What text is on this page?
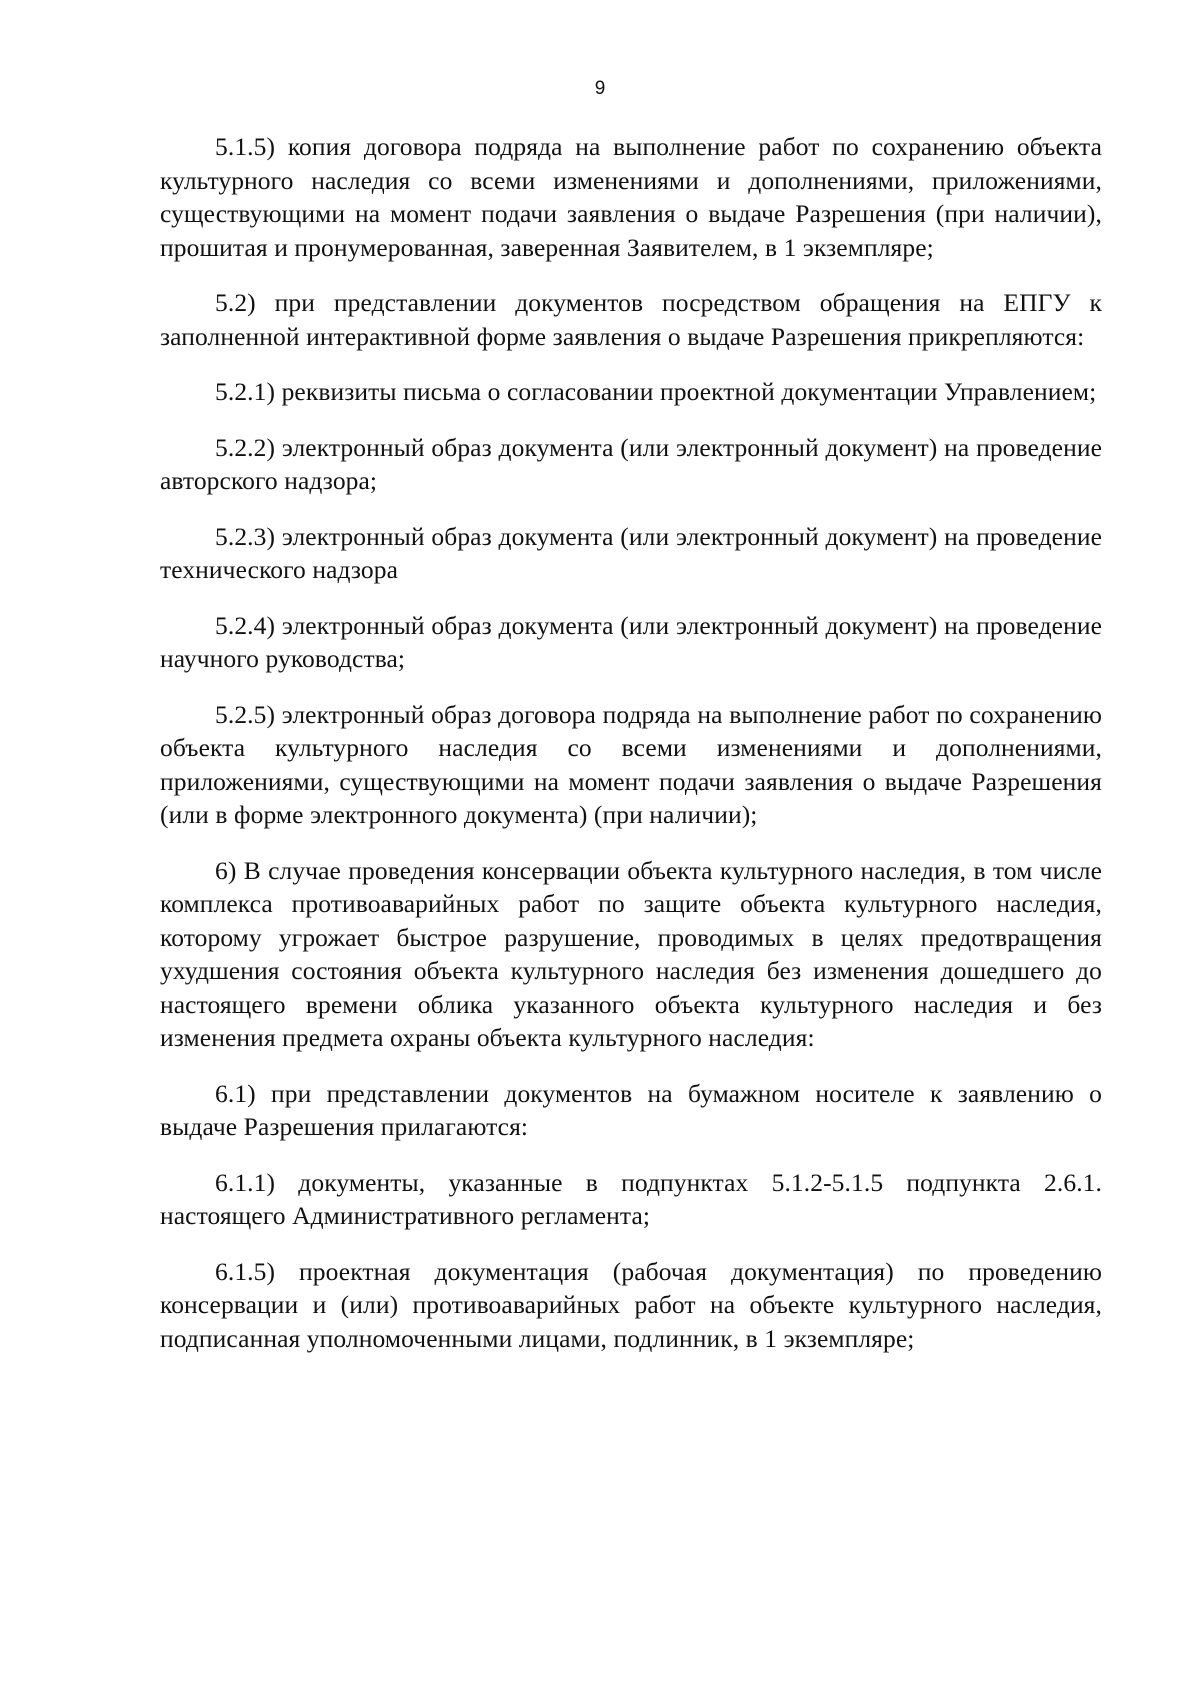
9

5.1.5) копия договора подряда на выполнение работ по сохранению объекта культурного наследия со всеми изменениями и дополнениями, приложениями, существующими на момент подачи заявления о выдаче Разрешения (при наличии), прошитая и пронумерованная, заверенная Заявителем, в 1 экземпляре;

5.2) при представлении документов посредством обращения на ЕПГУ к заполненной интерактивной форме заявления о выдаче Разрешения прикрепляются:

5.2.1) реквизиты письма о согласовании проектной документации Управлением;

5.2.2) электронный образ документа (или электронный документ) на проведение авторского надзора;

5.2.3) электронный образ документа (или электронный документ) на проведение технического надзора

5.2.4) электронный образ документа (или электронный документ) на проведение научного руководства;

5.2.5) электронный образ договора подряда на выполнение работ по сохранению объекта культурного наследия со всеми изменениями и дополнениями, приложениями, существующими на момент подачи заявления о выдаче Разрешения (или в форме электронного документа) (при наличии);

6) В случае проведения консервации объекта культурного наследия, в том числе комплекса противоаварийных работ по защите объекта культурного наследия, которому угрожает быстрое разрушение, проводимых в целях предотвращения ухудшения состояния объекта культурного наследия без изменения дошедшего до настоящего времени облика указанного объекта культурного наследия и без изменения предмета охраны объекта культурного наследия:

6.1) при представлении документов на бумажном носителе к заявлению о выдаче Разрешения прилагаются:

6.1.1) документы, указанные в подпунктах 5.1.2-5.1.5 подпункта 2.6.1. настоящего Административного регламента;

6.1.5) проектная документация (рабочая документация) по проведению консервации и (или) противоаварийных работ на объекте культурного наследия, подписанная уполномоченными лицами, подлинник, в 1 экземпляре;
